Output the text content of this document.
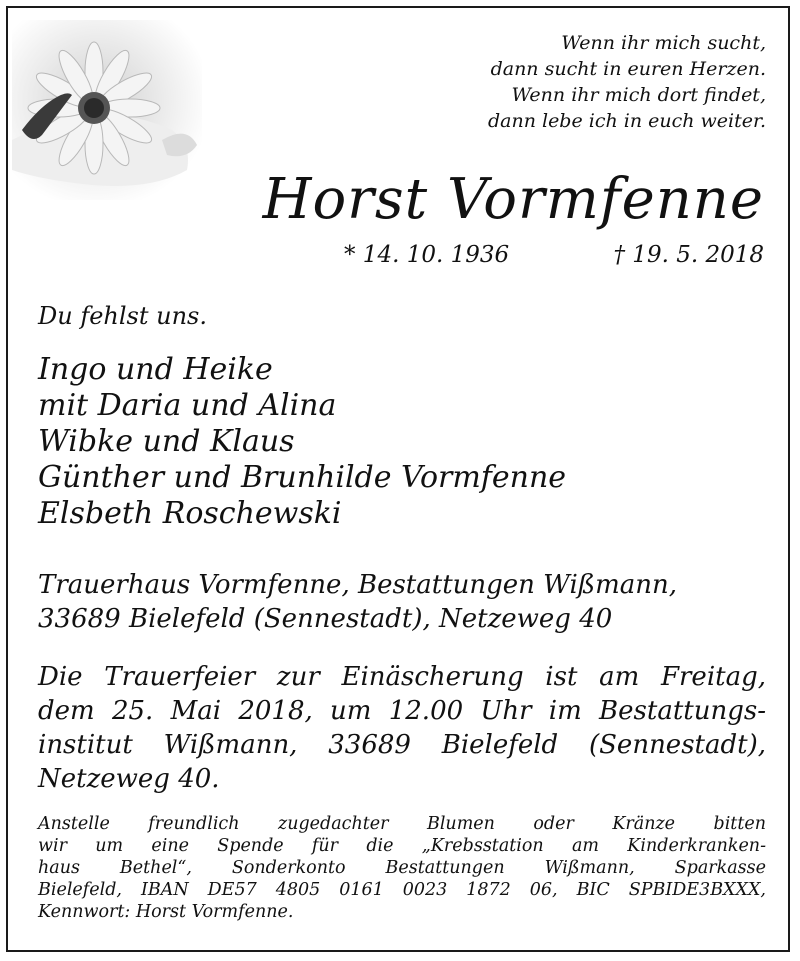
Wenn ihr mich sucht,
dann sucht in euren Herzen.
Wenn ihr mich dort findet,
dann lebe ich in euch weiter.
Horst Vormfenne
* 14. 10. 1936	† 19. 5. 2018
Du fehlst uns.
Ingo und Heike
mit Daria und Alina
Wibke und Klaus
Günther und Brunhilde Vormfenne
Elsbeth Roschewski
Trauerhaus Vormfenne, Bestattungen Wißmann,
33689 Bielefeld (Sennestadt), Netzeweg 40
Die Trauerfeier zur Einäscherung ist am Freitag,
dem 25. Mai 2018, um 12.00 Uhr im Bestattungs-
institut Wißmann, 33689 Bielefeld (Sennestadt),
Netzeweg 40.
Anstelle freundlich zugedachter Blumen oder Kränze bitten
wir um eine Spende für die „Krebsstation am Kinderkranken-
haus Bethel“, Sonderkonto Bestattungen Wißmann, Sparkasse
Bielefeld, IBAN DE57 4805 0161 0023 1872 06, BIC SPBIDE3BXXX,
Kennwort: Horst Vormfenne.
